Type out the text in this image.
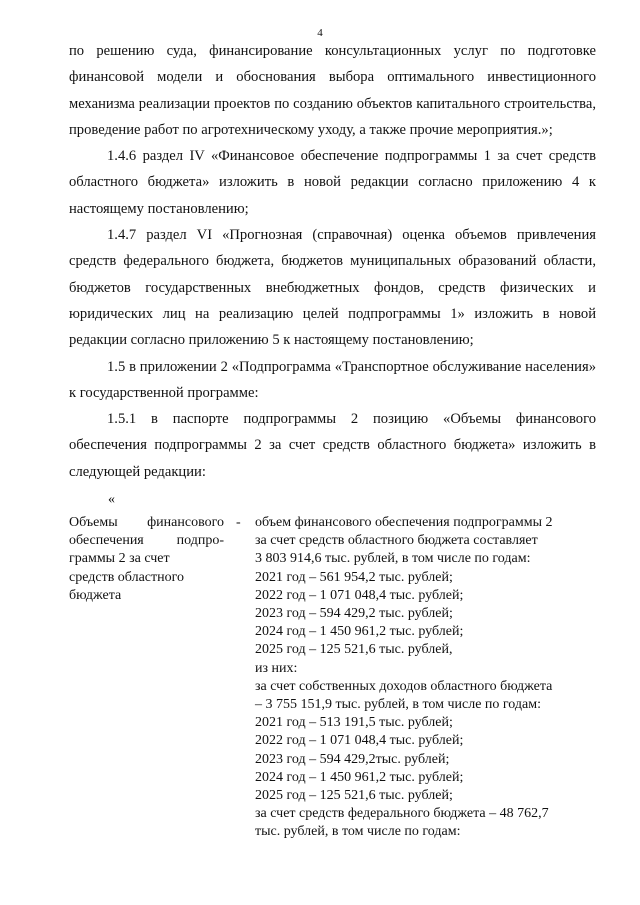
4

по решению суда, финансирование консультационных услуг по подготовке финансовой модели и обоснования выбора оптимального инвестиционного механизма реализации проектов по созданию объектов капитального строительства, проведение работ по агротехническому уходу, а также прочие мероприятия.»;

1.4.6 раздел IV «Финансовое обеспечение подпрограммы 1 за счет средств областного бюджета» изложить в новой редакции согласно приложению 4 к настоящему постановлению;

1.4.7 раздел VI «Прогнозная (справочная) оценка объемов привлечения средств федерального бюджета, бюджетов муниципальных образований области, бюджетов государственных внебюджетных фондов, средств физических и юридических лиц на реализацию целей подпрограммы 1» изложить в новой редакции согласно приложению 5 к настоящему постановлению;

1.5 в приложении 2 «Подпрограмма «Транспортное обслуживание населения» к государственной программе:

1.5.1 в паспорте подпрограммы 2 позицию «Объемы финансового обеспечения подпрограммы 2 за счет средств областного бюджета» изложить в следующей редакции:

«
Объемы финансового
обеспечения подпро-
граммы 2 за счет
средств областного
бюджета
- объем финансового обеспечения подпрограммы 2
за счет средств областного бюджета составляет
3 803 914,6 тыс. рублей, в том числе по годам:
2021 год – 561 954,2 тыс. рублей;
2022 год – 1 071 048,4 тыс. рублей;
2023 год – 594 429,2 тыс. рублей;
2024 год – 1 450 961,2 тыс. рублей;
2025 год – 125 521,6 тыс. рублей,
из них:
за счет собственных доходов областного бюджета
– 3 755 151,9 тыс. рублей, в том числе по годам:
2021 год – 513 191,5 тыс. рублей;
2022 год – 1 071 048,4 тыс. рублей;
2023 год – 594 429,2тыс. рублей;
2024 год – 1 450 961,2 тыс. рублей;
2025 год – 125 521,6 тыс. рублей;
за счет средств федерального бюджета – 48 762,7
тыс. рублей, в том числе по годам:
